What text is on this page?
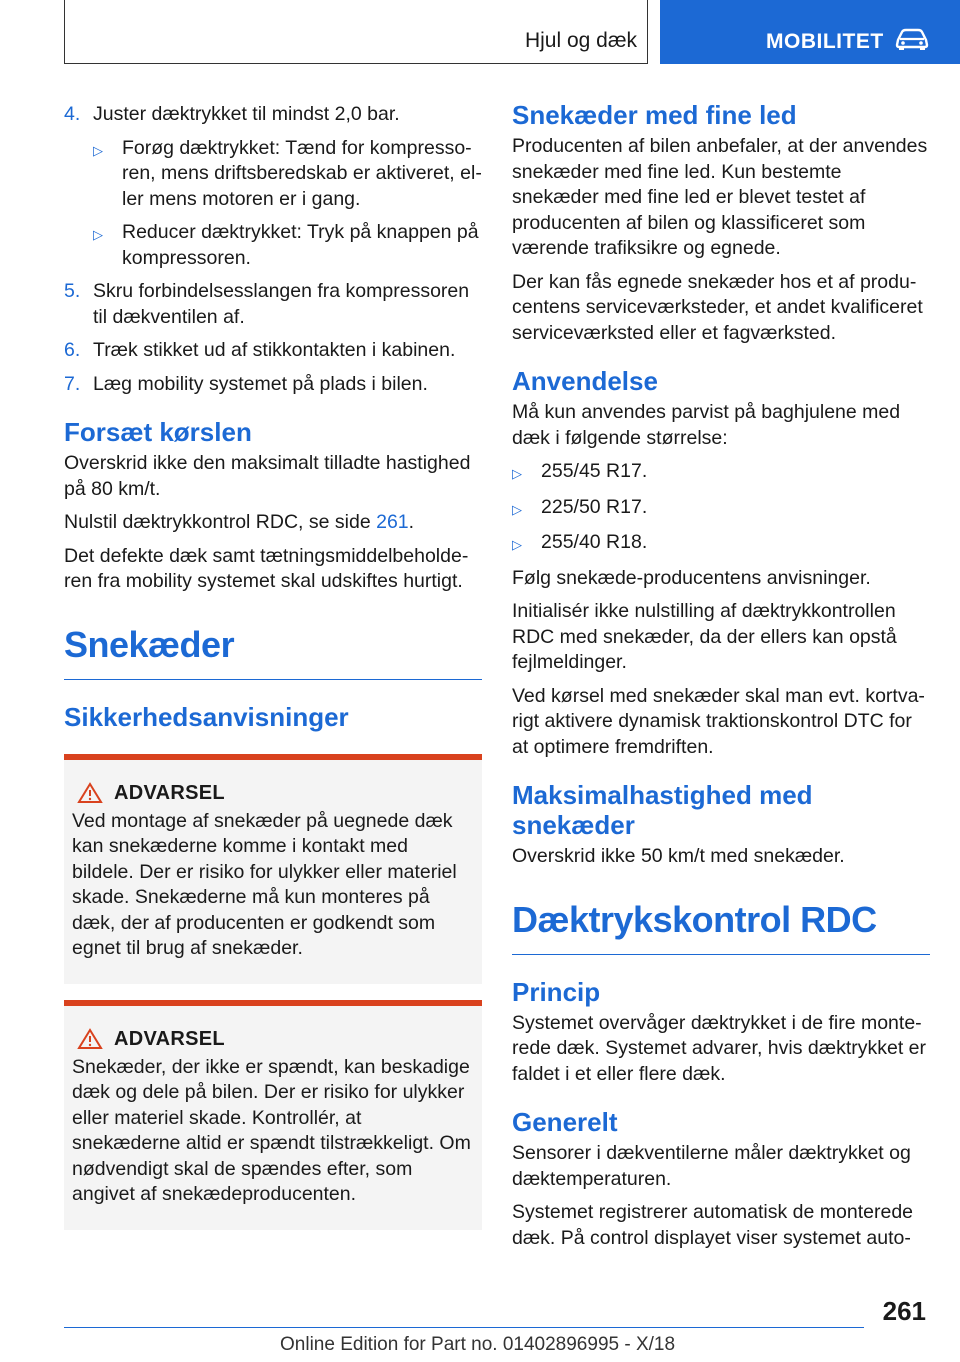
Hjul og dæk	MOBILITET
4. Juster dæktrykket til mindst 2,0 bar.
▷ Forøg dæktrykket: Tænd for kompressoren, mens driftsberedskab er aktiveret, eller mens motoren er i gang.
▷ Reducer dæktrykket: Tryk på knappen på kompressoren.
5. Skru forbindelsesslangen fra kompressoren til dækventilen af.
6. Træk stikket ud af stikkontakten i kabinen.
7. Læg mobility systemet på plads i bilen.
Forsæt kørslen

Overskrid ikke den maksimalt tilladte hastighed på 80 km/t.

Nulstil dæktrykkontrol RDC, se side 261.

Det defekte dæk samt tætningsmiddelbeholderen fra mobility systemet skal udskiftes hurtigt.

Snekæder
Sikkerhedsanvisninger
ADVARSEL

Ved montage af snekæder på uegnede dæk kan snekæderne komme i kontakt med bildele. Der er risiko for ulykker eller materiel skade. Snekæderne må kun monteres på dæk, der af producenten er godkendt som egnet til brug af snekæder.

ADVARSEL

Snekæder, der ikke er spændt, kan beskadige dæk og dele på bilen. Der er risiko for ulykker eller materiel skade. Kontrollér, at snekæderne altid er spændt tilstrækkeligt. Om nødvendigt skal de spændes efter, som angivet af snekædeproducenten.

Snekæder med fine led

Producenten af bilen anbefaler, at der anvendes snekæder med fine led. Kun bestemte snekæder med fine led er blevet testet af producenten af bilen og klassificeret som værende trafiksikre og egnede.

Der kan fås egnede snekæder hos et af producentens serviceværksteder, et andet kvalificeret serviceværksted eller et fagværksted.

Anvendelse

Må kun anvendes parvist på baghjulene med dæk i følgende størrelse:

▷ 255/45 R17.
▷ 225/50 R17.
▷ 255/40 R18.

Følg snekæde-producentens anvisninger.

Initialisér ikke nulstilling af dæktrykkontrollen RDC med snekæder, da der ellers kan opstå fejlmeldinger.

Ved kørsel med snekæder skal man evt. kortvarigt aktivere dynamisk traktionskontrol DTC for at optimere fremdriften.

Maksimalhastighed med snekæder

Overskrid ikke 50 km/t med snekæder.

Dæktrykskontrol RDC
Princip

Systemet overvåger dæktrykket i de fire monterede dæk. Systemet advarer, hvis dæktrykket er faldet i et eller flere dæk.

Generelt

Sensorer i dækventilerne måler dæktrykket og dæktemperaturen.

Systemet registrerer automatisk de monterede dæk. På control displayet viser systemet auto-

261
Online Edition for Part no. 01402896995 - X/18
